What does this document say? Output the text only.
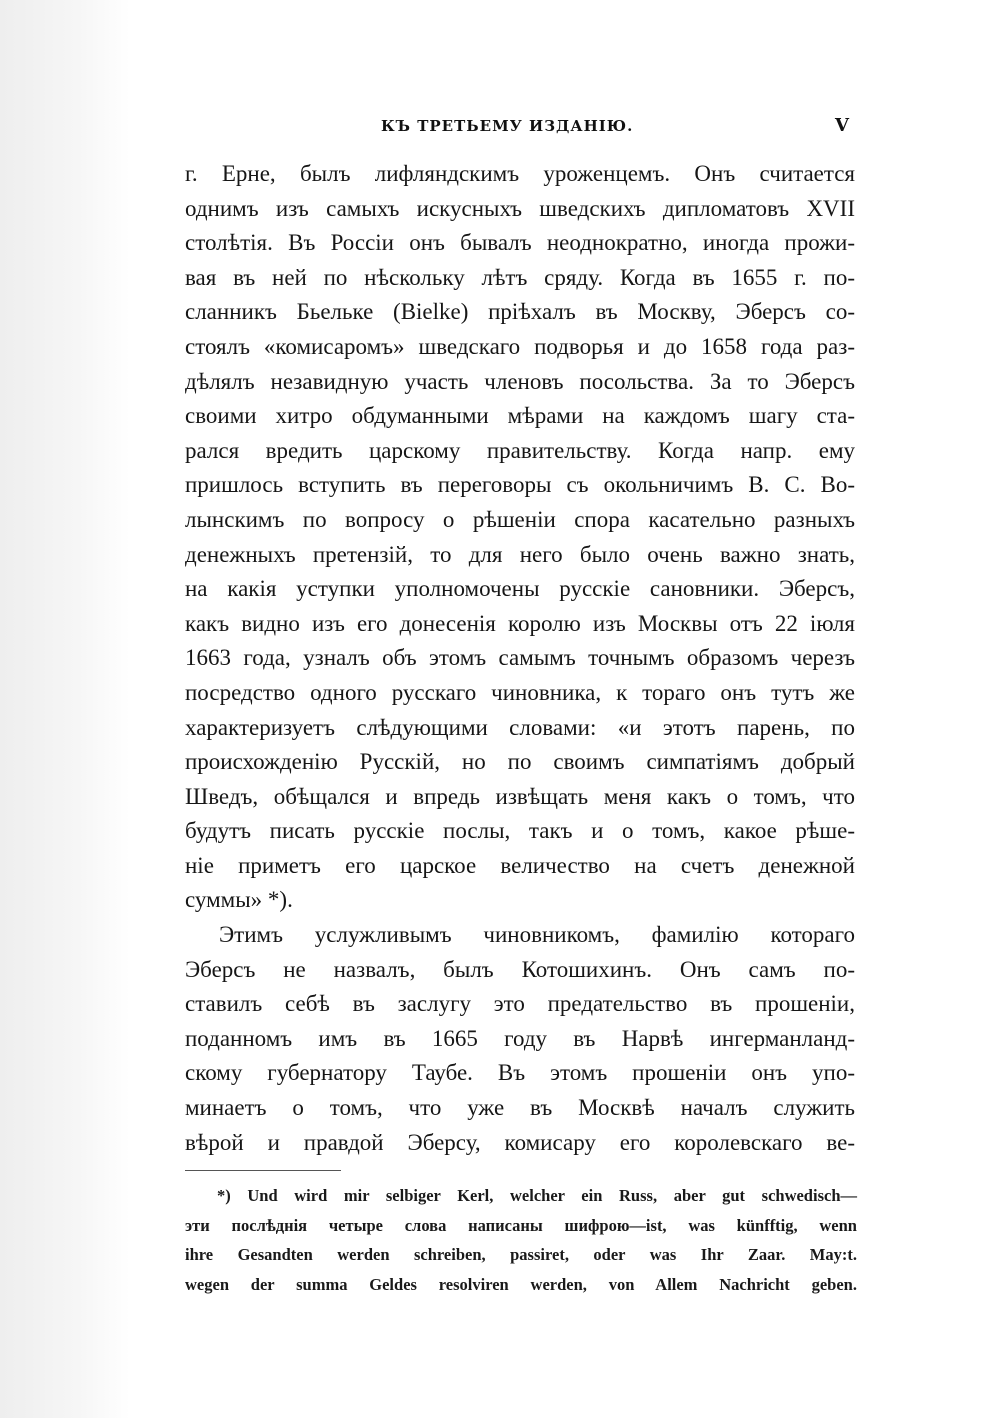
КЪ ТРЕТЬЕМУ ИЗДАНІЮ.	V
г. Ерне, былъ лифляндскимъ уроженцемъ. Онъ считается
однимъ изъ самыхъ искусныхъ шведскихъ дипломатовъ XVII
столѣтія. Въ Россіи онъ бывалъ неоднократно, иногда прожи-
вая въ ней по нѣскольку лѣтъ сряду. Когда въ 1655 г. по-
сланникъ Бьельке (Bielke) пріѣхалъ въ Москву, Эберсъ со-
стоялъ «комисаромъ» шведскаго подворья и до 1658 года раз-
дѣлялъ незавидную участь членовъ посольства. За то Эберсъ
своими хитро обдуманными мѣрами на каждомъ шагу ста-
рался вредить царскому правительству. Когда напр. ему
пришлось вступить въ переговоры съ окольничимъ В. С. Во-
лынскимъ по вопросу о рѣшеніи спора касательно разныхъ
денежныхъ претензій, то для него было очень важно знать,
на какія уступки уполномочены русскіе сановники. Эберсъ,
какъ видно изъ его донесенія королю изъ Москвы отъ 22 іюля
1663 года, узналъ объ этомъ самымъ точнымъ образомъ черезъ
посредство одного русскаго чиновника, к тораго онъ тутъ же
характеризуетъ слѣдующими словами: «и этотъ парень, по
происхожденію Русскій, но по своимъ симпатіямъ добрый
Шведъ, обѣщался и впредь извѣщать меня какъ о томъ, что
будутъ писать русскіе послы, такъ и о томъ, какое рѣше-
ніе приметъ его царское величество на счетъ денежной
суммы» *).
Этимъ услужливымъ чиновникомъ, фамилію котораго
Эберсъ не назвалъ, былъ Котошихинъ. Онъ самъ по-
ставилъ себѣ въ заслугу это предательство въ прошеніи,
поданномъ имъ въ 1665 году въ Нарвѣ ингерманланд-
скому губернатору Таубе. Въ этомъ прошеніи онъ упо-
минаетъ о томъ, что уже въ Москвѣ началъ служить
вѣрой и правдой Эберсу, комисару его королевскаго ве-
*) Und wird mir selbiger Kerl, welcher ein Russ, aber gut schwedisch—
эти послѣднія четыре слова написаны шифрою—ist, was künfftig, wenn
ihre Gesandten werden schreiben, passiret, oder was Ihr Zaar. May:t.
wegen der summa Geldes resolviren werden, von Allem Nachricht geben.
